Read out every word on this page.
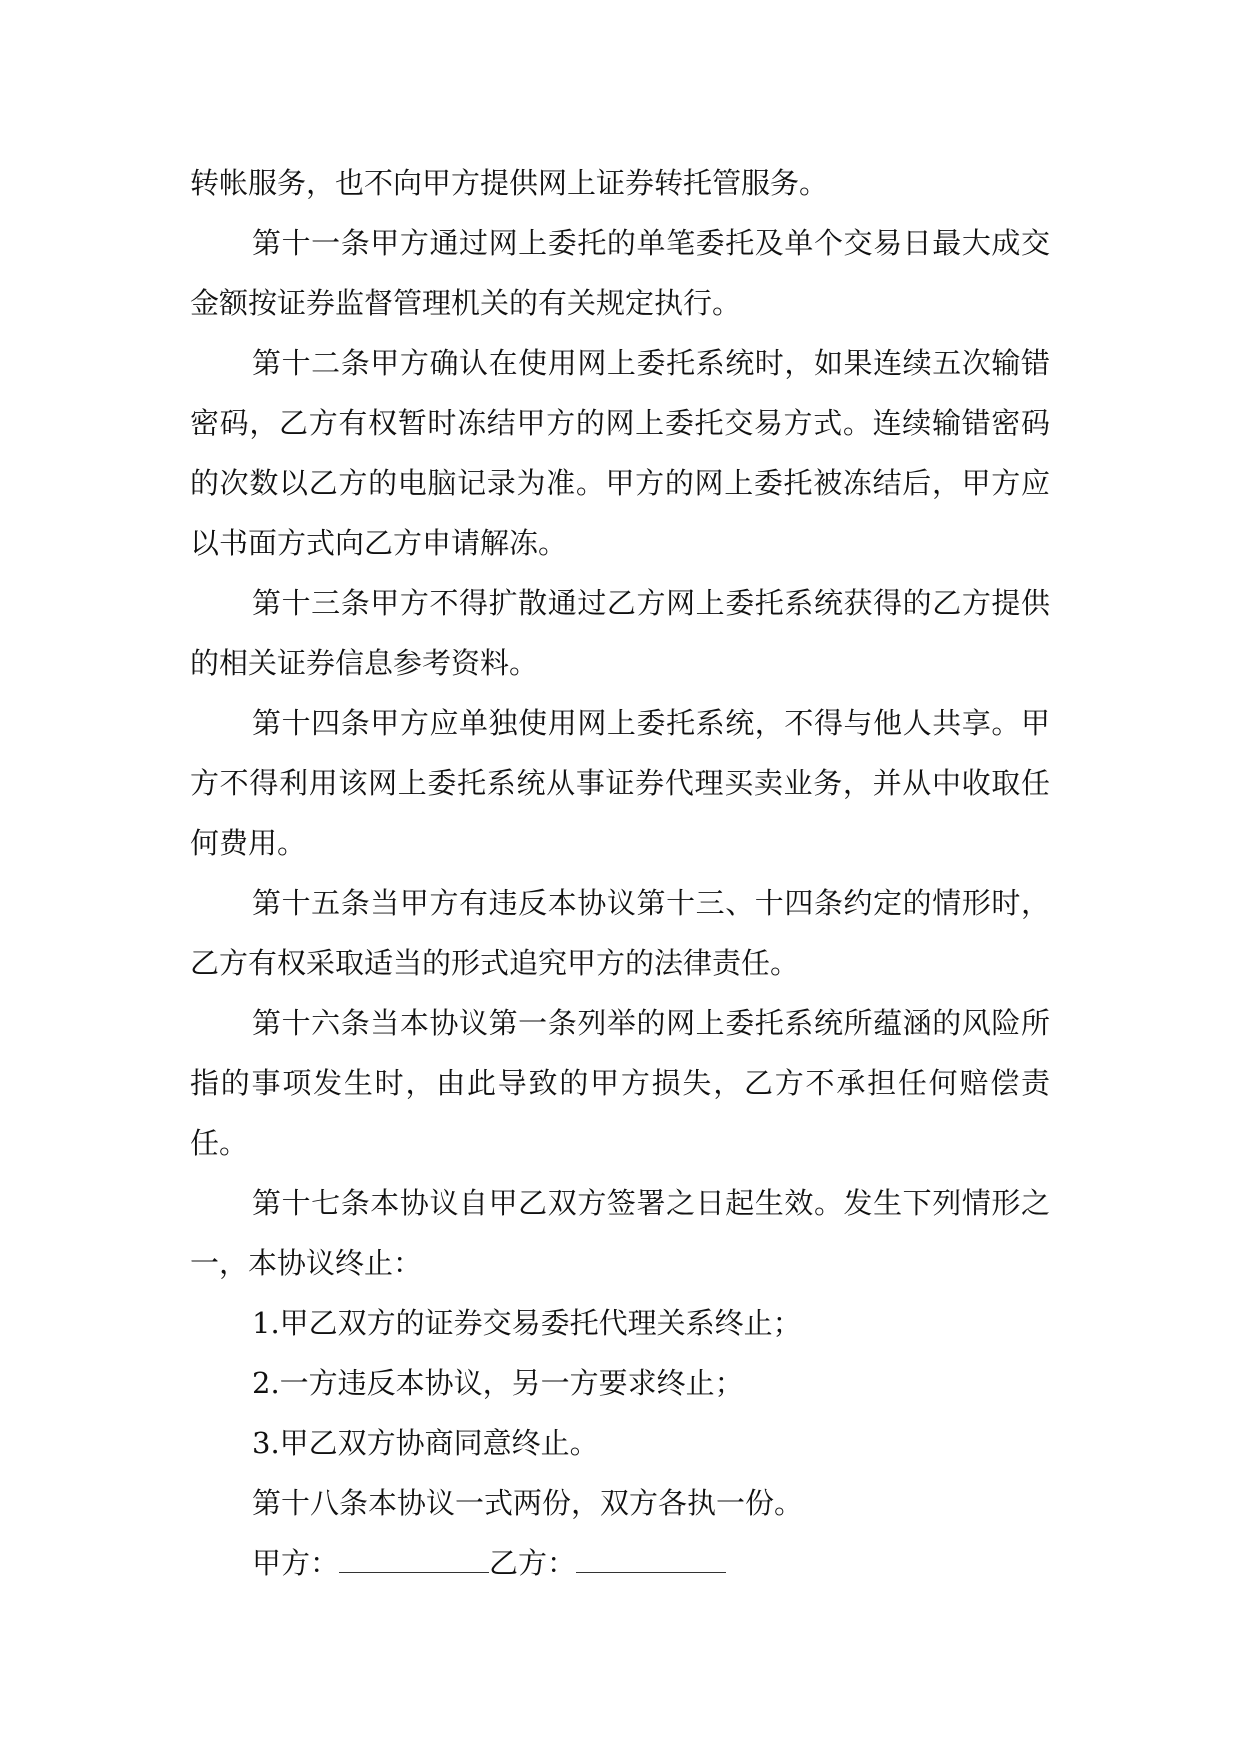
转帐服务，也不向甲方提供网上证券转托管服务。

第十一条甲方通过网上委托的单笔委托及单个交易日最大成交金额按证券监督管理机关的有关规定执行。

第十二条甲方确认在使用网上委托系统时，如果连续五次输错密码，乙方有权暂时冻结甲方的网上委托交易方式。连续输错密码的次数以乙方的电脑记录为准。甲方的网上委托被冻结后，甲方应以书面方式向乙方申请解冻。

第十三条甲方不得扩散通过乙方网上委托系统获得的乙方提供的相关证券信息参考资料。

第十四条甲方应单独使用网上委托系统，不得与他人共享。甲方不得利用该网上委托系统从事证券代理买卖业务，并从中收取任何费用。

第十五条当甲方有违反本协议第十三、十四条约定的情形时，乙方有权采取适当的形式追究甲方的法律责任。

第十六条当本协议第一条列举的网上委托系统所蕴涵的风险所指的事项发生时，由此导致的甲方损失，乙方不承担任何赔偿责任。

第十七条本协议自甲乙双方签署之日起生效。发生下列情形之一，本协议终止：

1.甲乙双方的证券交易委托代理关系终止；

2.一方违反本协议，另一方要求终止；

3.甲乙双方协商同意终止。

第十八条本协议一式两份，双方各执一份。

甲方：	乙方：
